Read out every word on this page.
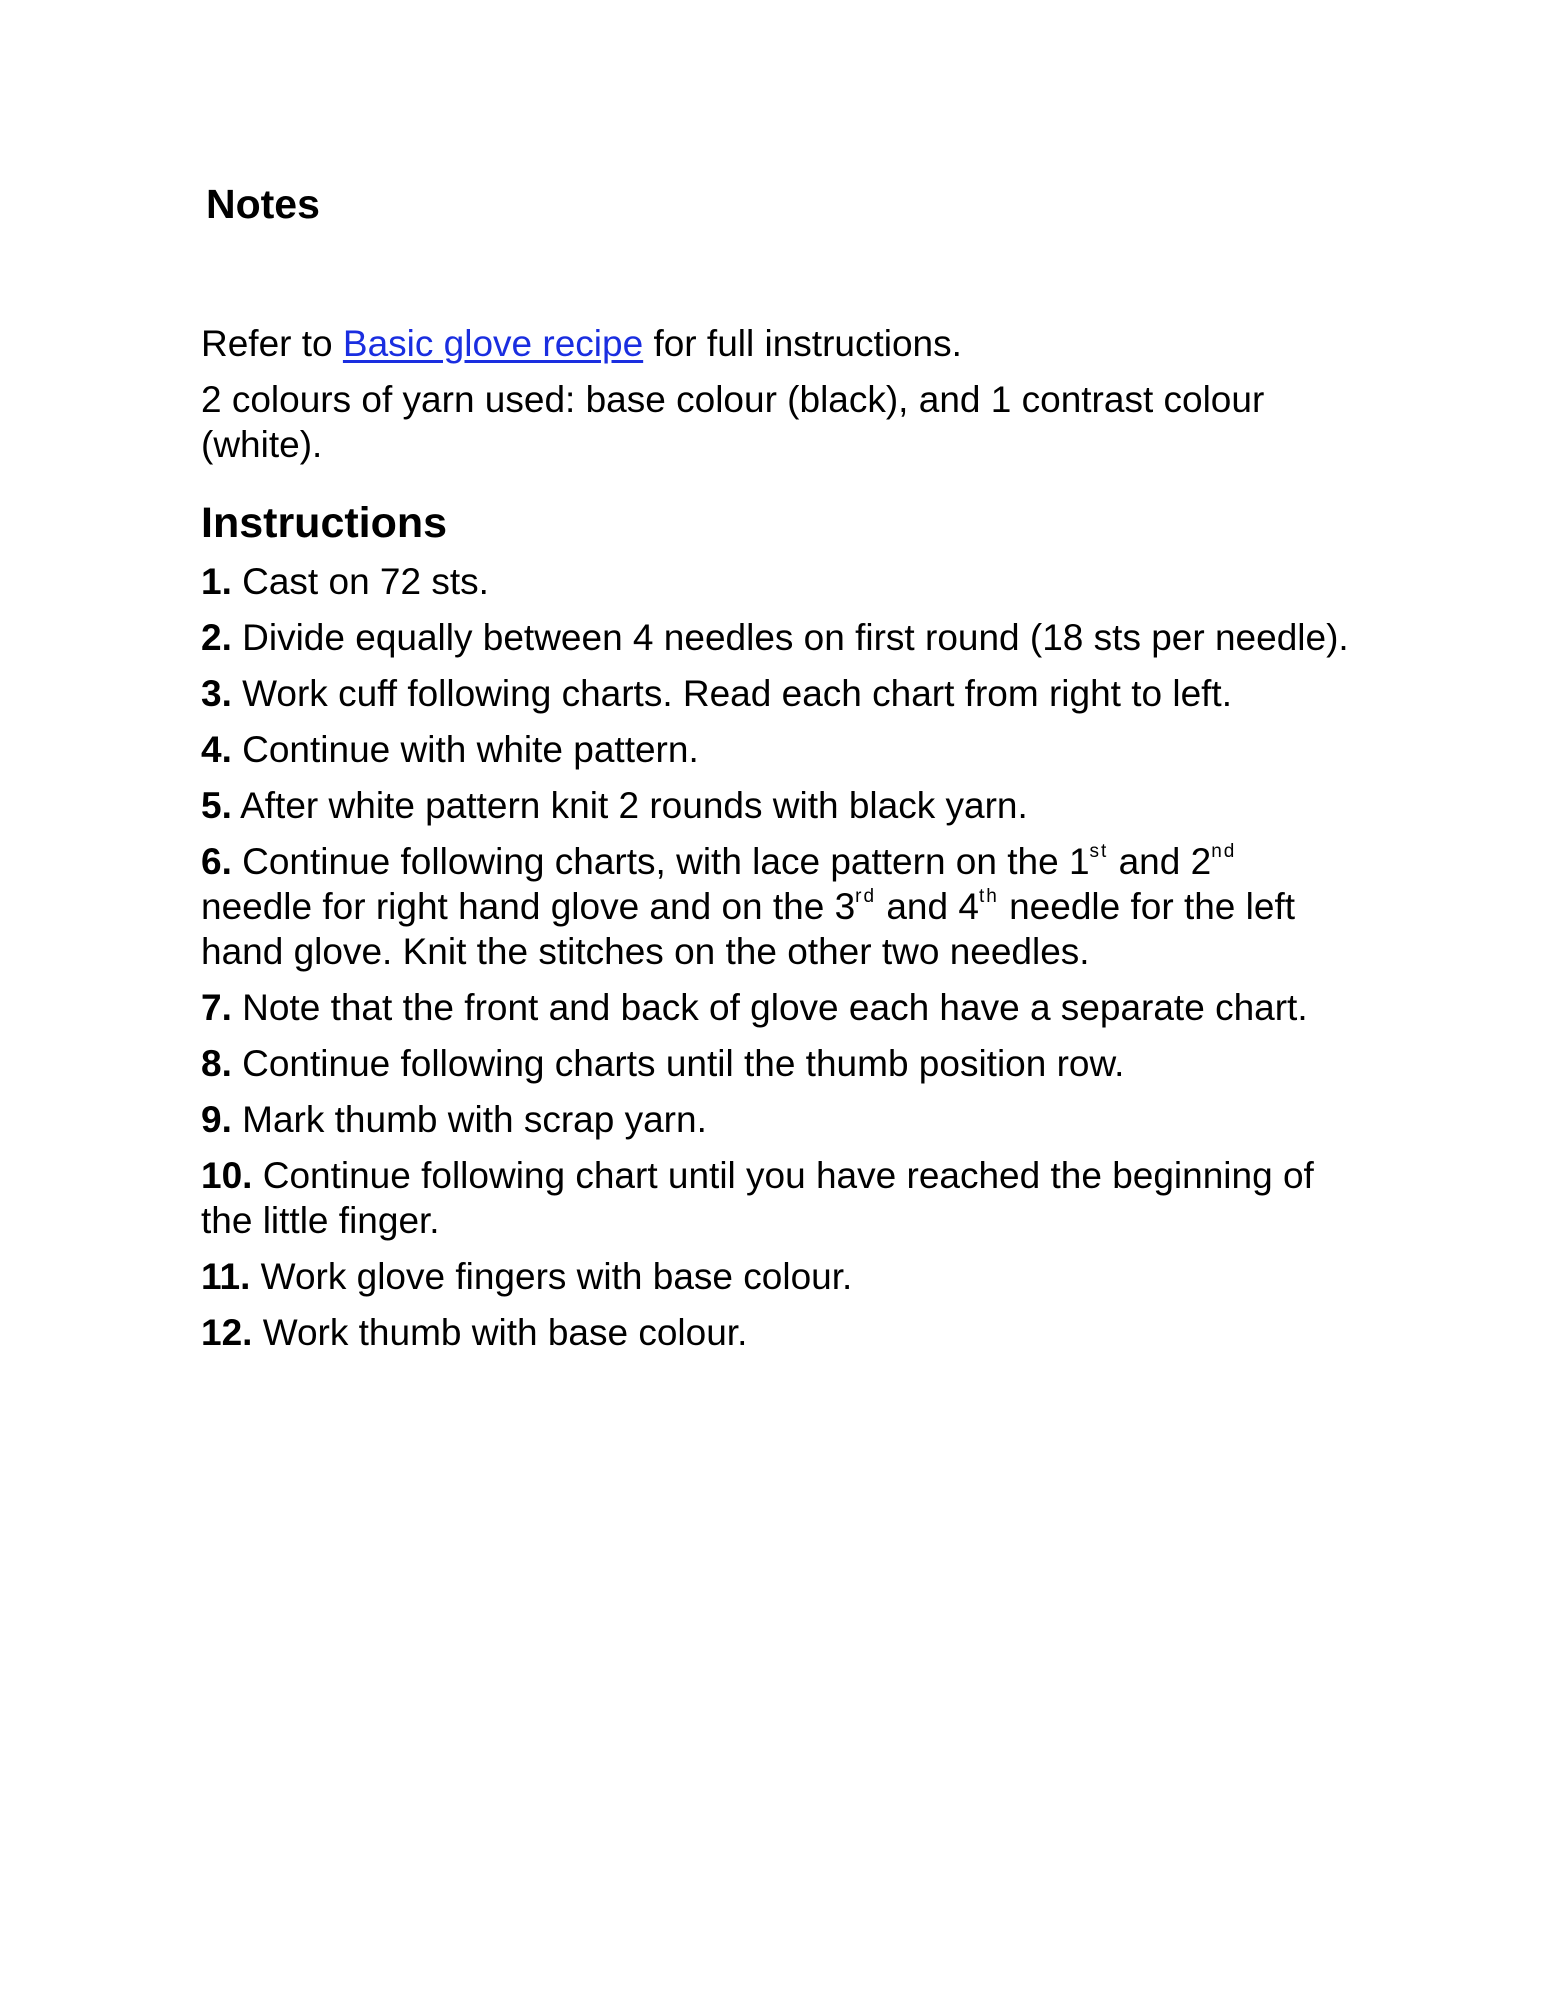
Notes

Refer to Basic glove recipe for full instructions.

2 colours of yarn used: base colour (black), and 1 contrast colour (white).

Instructions
1. Cast on 72 sts.
2. Divide equally between 4 needles on first round (18 sts per needle).
3. Work cuff following charts. Read each chart from right to left.
4. Continue with white pattern.
5. After white pattern knit 2 rounds with black yarn.
6. Continue following charts, with lace pattern on the 1st and 2nd needle for right hand glove and on the 3rd and 4th needle for the left hand glove. Knit the stitches on the other two needles.
7. Note that the front and back of glove each have a separate chart.
8. Continue following charts until the thumb position row.
9. Mark thumb with scrap yarn.
10. Continue following chart until you have reached the beginning of the little finger.
11. Work glove fingers with base colour.
12. Work thumb with base colour.
